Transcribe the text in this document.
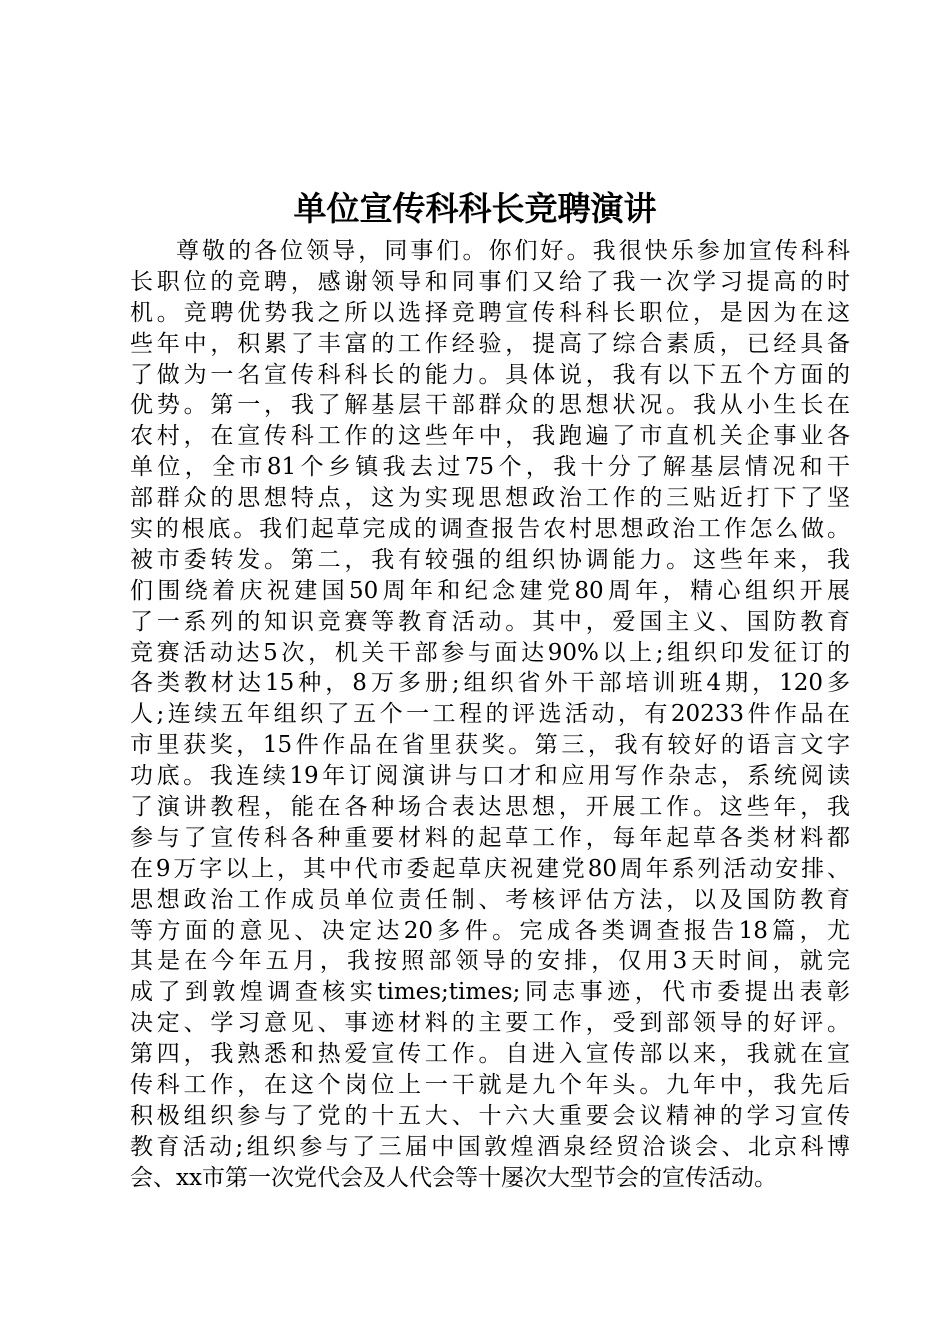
单位宣传科科长竞聘演讲
尊敬的各位领导，同事们。你们好。我很快乐参加宣传科科
长职位的竞聘，感谢领导和同事们又给了我一次学习提高的时
机。竞聘优势我之所以选择竞聘宣传科科长职位，是因为在这
些年中，积累了丰富的工作经验，提高了综合素质，已经具备
了做为一名宣传科科长的能力。具体说，我有以下五个方面的
优势。第一，我了解基层干部群众的思想状况。我从小生长在
农村，在宣传科工作的这些年中，我跑遍了市直机关企事业各
单位，全市81个乡镇我去过75个，我十分了解基层情况和干
部群众的思想特点，这为实现思想政治工作的三贴近打下了坚
实的根底。我们起草完成的调查报告农村思想政治工作怎么做。
被市委转发。第二，我有较强的组织协调能力。这些年来，我
们围绕着庆祝建国50周年和纪念建党80周年，精心组织开展
了一系列的知识竞赛等教育活动。其中，爱国主义、国防教育
竞赛活动达5次，机关干部参与面达90%以上;组织印发征订的
各类教材达15种，8万多册;组织省外干部培训班4期，120多
人;连续五年组织了五个一工程的评选活动，有20233件作品在
市里获奖，15件作品在省里获奖。第三，我有较好的语言文字
功底。我连续19年订阅演讲与口才和应用写作杂志，系统阅读
了演讲教程，能在各种场合表达思想，开展工作。这些年，我
参与了宣传科各种重要材料的起草工作，每年起草各类材料都
在9万字以上，其中代市委起草庆祝建党80周年系列活动安排、
思想政治工作成员单位责任制、考核评估方法，以及国防教育
等方面的意见、决定达20多件。完成各类调查报告18篇，尤
其是在今年五月，我按照部领导的安排，仅用3天时间，就完
成了到敦煌调查核实times;times;同志事迹，代市委提出表彰
决定、学习意见、事迹材料的主要工作，受到部领导的好评。
第四，我熟悉和热爱宣传工作。自进入宣传部以来，我就在宣
传科工作，在这个岗位上一干就是九个年头。九年中，我先后
积极组织参与了党的十五大、十六大重要会议精神的学习宣传
教育活动;组织参与了三届中国敦煌酒泉经贸洽谈会、北京科博
会、xx市第一次党代会及人代会等十屡次大型节会的宣传活动。
